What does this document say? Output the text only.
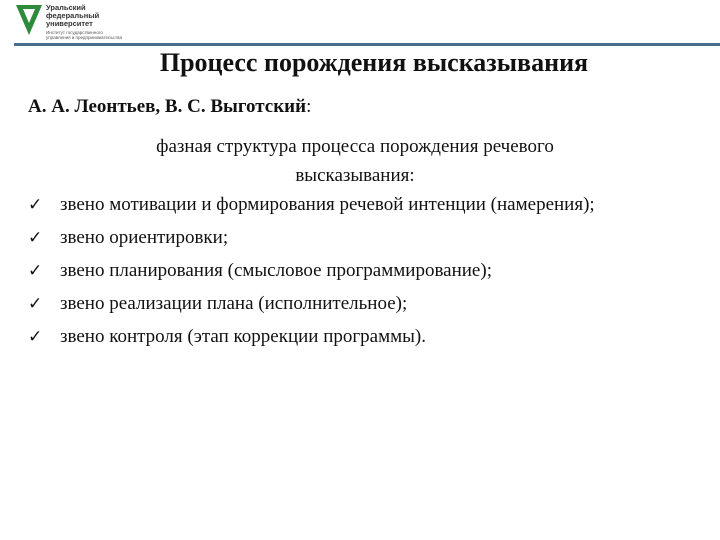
Уральский
федеральный
университет
Институт государственного
управления и предпринимательства
Процесс порождения высказывания
А. А. Леонтьев, В. С. Выготский:
фазная структура процесса порождения речевого высказывания:
✓ звено мотивации и формирования речевой интенции (намерения);
✓ звено ориентировки;
✓ звено планирования (смысловое программирование);
✓ звено реализации плана (исполнительное);
✓ звено контроля (этап коррекции программы).
